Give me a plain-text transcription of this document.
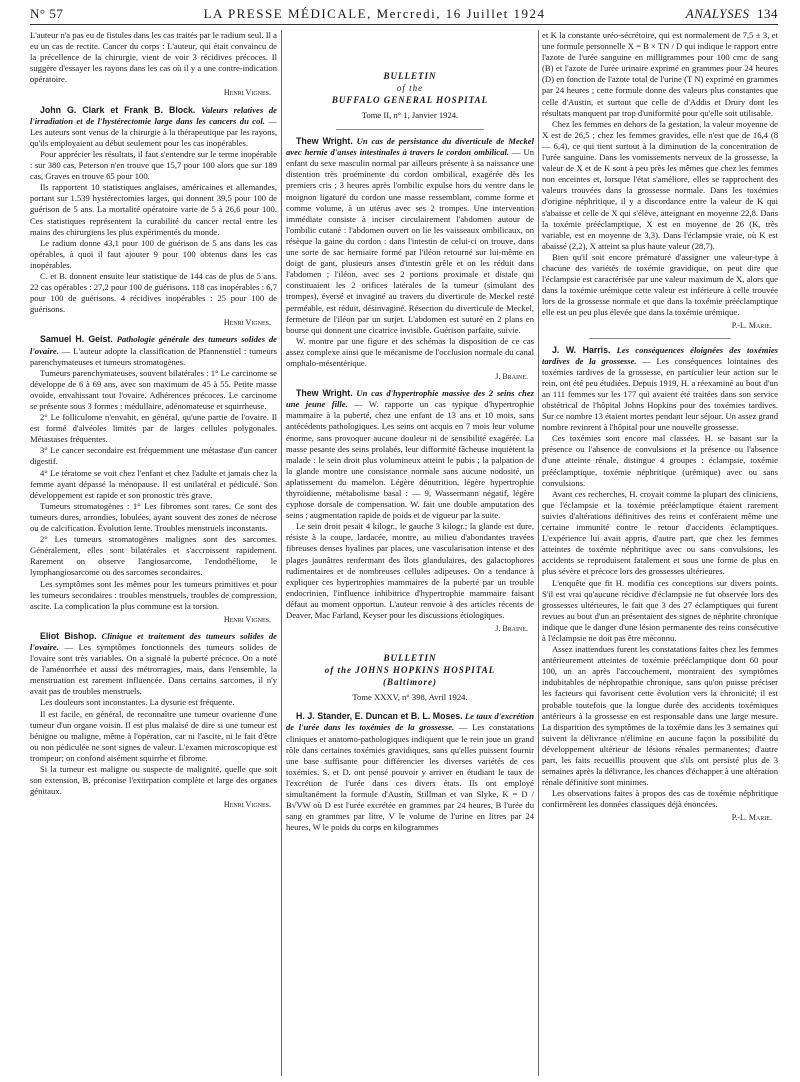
N° 57	LA PRESSE MÉDICALE, Mercredi, 16 Juillet 1924	ANALYSES 134

L'auteur n'a pas eu de fistules dans les cas traités par le radium seul. Il a eu un cas de rectite. Cancer du corps : L'auteur, qui était convaincu de la précellence de la chirurgie, vient de voir 3 récidives précoces. Il suggère d'essayer les rayons dans les cas où il y a une contre-indication opératoire.

Henri Vignes.

John G. Clark et Frank B. Block. Valeurs relatives de l'irradiation et de l'hystérectomie large dans les cancers du col. — Les auteurs sont venus de la chirurgie à la thérapeutique par les rayons, qu'ils employaient au début seulement pour les cas inopérables.

Pour apprécier les résultats, il faut s'entendre sur le terme inopérable : sur 380 cas, Peterson n'en trouve que 15,7 pour 100 alors que sur 189 cas, Graves en trouve 65 pour 100.

Ils rapportent 10 statistiques anglaises, américaines et allemandes, portant sur 1.539 hystérectomies larges, qui donnent 39,5 pour 100 de guérison de 5 ans. La mortalité opératoire varie de 5 à 26,6 pour 100. Ces statistiques représentent la curabilité du cancer rectal entre les mains des chirurgiens les plus expérimentés du monde.

Le radium donne 43,1 pour 100 de guérison de 5 ans dans les cas opérables, à quoi il faut ajouter 9 pour 100 obtenus dans les cas inopérables.

C. et B. donnent ensuite leur statistique de 144 cas de plus de 5 ans. 22 cas opérables : 27,2 pour 100 de guérisons. 118 cas inopérables : 6,7 pour 100 de guérisons. 4 récidives inopérables : 25 pour 100 de guérisons.

Henri Vignes.

Samuel H. Geist. Pathologie générale des tumeurs solides de l'ovaire. — L'auteur adopte la classification de Pfannenstiel : tumeurs parenchymateuses et tumeurs stromatogènes.

Tumeurs parenchymateuses, souvent bilatérales : 1° Le carcinome se développe de 6 à 69 ans, avec son maximum de 45 à 55. Petite masse ovoïde, envahissant tout l'ovaire. Adhérences précoces. Le carcinome se présente sous 3 formes : médullaire, adénomateuse et squirrheuse.

2° Le folliculome n'envahit, en général, qu'une partie de l'ovaire. Il est formé d'alvéoles limités par de larges cellules polygonales. Métastases fréquentes.

3° Le cancer secondaire est fréquemment une métastase d'un cancer digestif.

4° Le tératome se voit chez l'enfant et chez l'adulte et jamais chez la femme ayant dépassé la ménopause. Il est unilatéral et pédiculé. Son développement est rapide et son pronostic très grave.

Tumeurs stromatogènes : 1° Les fibromes sont rares. Ce sont des tumeurs dures, arrondies, lobulées, ayant souvent des zones de nécrose ou de calcification. Évolution lente. Troubles menstruels inconstants.

2° Les tumeurs stromatogènes malignes sont des sarcomes. Généralement, elles sont bilatérales et s'accroissent rapidement. Rarement on observe l'angiosarcome, l'endothéliome, le lymphangiosarcome ou des sarcomes secondaires.

Les symptômes sont les mêmes pour les tumeurs primitives et pour les tumeurs secondaires : troubles menstruels, troubles de compression, ascite. La complication la plus commune est la torsion.

Henri Vignes.

Eliot Bishop. Clinique et traitement des tumeurs solides de l'ovaire. — Les symptômes fonctionnels des tumeurs solides de l'ovaire sont très variables. On a signalé la puberté précoce. On a noté de l'aménorrhée et aussi des métrorragies, mais, dans l'ensemble, la menstruation est rarement influencée. Dans certains sarcomes, il n'y avait pas de troubles menstruels.

Les douleurs sont inconstantes. La dysurie est fréquente.

Il est facile, en général, de reconnaître une tumeur ovarienne d'une tumeur d'un organe voisin. Il est plus malaisé de dire si une tumeur est bénigne ou maligne, même à l'opération, car ni l'ascite, ni le fait d'être ou non pédiculée ne sont signes de valeur. L'examen microscopique est trompeur; on confond aisément squirrhe et fibrome.

Si la tumeur est maligne ou suspecte de malignité, quelle que soit son extension, B. préconise l'extirpation complète et large des organes génitaux.

Henri Vignes.

BULLETIN
of the
BUFFALO GENERAL HOSPITAL
Tome II, n° 1, Janvier 1924.

Thew Wright. Un cas de persistance du diverticule de Meckel avec hernie d'anses intestinales à travers le cordon ombilical. — Un enfant du sexe masculin normal par ailleurs présente à sa naissance une distention très proéminente du cordon ombilical, exagérée dès les premiers cris ; 3 heures après l'ombilic expulse hors du ventre dans le moignon ligaturé du cordon une masse ressemblant, comme forme et comme volume, à un utérus avec ses 2 trompes. Une intervention immédiate consiste à inciser circulairement l'abdomen autour de l'ombilic cutané : l'abdomen ouvert on lie les vaisseaux ombilicaux, on résèque la gaine du cordon : dans l'intestin de celui-ci on trouve, dans une sorte de sac herniaire formé par l'iléon retourné sur lui-même en doigt de gant, plusieurs anses d'intestin grêle et on les réduit dans l'abdomen ; l'iléon, avec ses 2 portions proximale et distale qui constituaient les 2 orifices latérales de la tumeur (simulant des trompes), éversé et invaginé au travers du diverticule de Meckel resté perméable, est réduit, désinvaginé. Résection du diverticule de Meckel, fermeture de l'iléon par un surjet. L'abdomen est suturé en 2 plans en bourse qui donnent une cicatrice invisible. Guérison parfaite, suivie.

W. montre par une figure et des schémas la disposition de ce cas assez complexe ainsi que le mécanisme de l'occlusion normale du canal omphalo-mésentérique.

J. Braine.

Thew Wright. Un cas d'hypertrophie massive des 2 seins chez une jeune fille. — W. rapporte un cas typique d'hypertrophie mammaire à la puberté, chez une enfant de 13 ans et 10 mois, sans antécédents pathologiques. Les seins ont acquis en 7 mois leur volume énorme, sans provoquer aucune douleur ni de sensibilité exagérée. La masse pesante des seins prolabés, leur difformité fâcheuse inquiètent la malade : le sein droit plus volumineux atteint le pubis ; la palpation de la glande montre une consistance normale sans aucune nodosité, un aplatissement du mamelon. Légère dénutrition, légère hypertrophie thyroïdienne, métabolisme basal : — 9, Wassermann négatif, légère cyphose dorsale de compensation. W. fait une double amputation des seins ; augmentation rapide de poids et de vigueur par la suite.

Le sein droit pesait 4 kilogr., le gauche 3 kilogr.; la glande est dure, résiste à la coupe, lardacée, montre, au milieu d'abondantes travées fibreuses denses hyalines par places, une vascularisation intense et des plages jaunâtres renfermant des îlots glandulaires, des galactophores rudimentaires et de nombreuses cellules adipeuses. On a tendance à expliquer ces hypertrophies mammaires de la puberté par un trouble endocrinien, l'influence inhibitrice d'hypertrophie mammaire faisant défaut au moment opportun. L'auteur renvoie à des articles récents de Deaver, Mac Farland, Keyser pour les discussions étiologiques.

J. Braine.

BULLETIN
of the JOHNS HOPKINS HOSPITAL
(Baltimore)
Tome XXXV, n° 398, Avril 1924.

H. J. Stander, E. Duncan et B. L. Moses. Le taux d'excrétion de l'urée dans les toxémies de la grossesse. — Les constatations cliniques et anatomo-pathologiques indiquent que le rein joue un grand rôle dans certaines toxémies gravidiques, sans qu'elles puissent fournir une base suffisante pour différencier les diverses variétés de ces toxémies. S. et D. ont pensé pouvoir y arriver en étudiant le taux de l'excrétion de l'urée dans ces divers états. Ils ont employé simultanément la formule d'Austin, Stillman et van Slyke, K = D / B√VW où D est l'urée excrétée en grammes par 24 heures, B l'urée du sang en grammes par litre, V le volume de l'urine en litres par 24 heures, W le poids du corps en kilogrammes

et K la constante uréo-sécrétoire, qui est normalement de 7,5 ± 3, et une formule personnelle X = B × TN / D qui indique le rapport entre l'azote de l'urée sanguine en milligrammes pour 100 cmc de sang (B) et l'azote de l'urée urinaire exprimé en grammes pour 24 heures (D) en fonction de l'azote total de l'urine (T N) exprimé en grammes par 24 heures ; cette formule donne des valeurs plus constantes que celle d'Austin, et surtout que celle de d'Addis et Drury dont les résultats manquent par trop d'uniformité pour qu'elle soit utilisable.

Chez les femmes en dehors de la gestation, la valeur moyenne de X est de 26,5 ; chez les femmes gravides, elle n'est que de 16,4 (8 — 6,4), ce qui tient surtout à la diminution de la concentration de l'urée sanguine. Dans les vomissements nerveux de la grossesse, la valeur de X et de K sont à peu près les mêmes que chez les femmes non enceintes et, lorsque l'état s'améliore, elles se rapprochent des valeurs trouvées dans la grossesse normale. Dans les toxémies d'origine néphritique, il y a discordance entre la valeur de K qui s'abaisse et celle de X qui s'élève, atteignant en moyenne 22,8. Dans la toxémie prééclamptique, X est en moyenne de 26 (K, très variable, est en moyenne de 3,3). Dans l'éclampsie vraie, où K est abaissé (2,2), X atteint sa plus haute valeur (28,7).

Bien qu'il soit encore prématuré d'assigner une valeur-type à chacune des variétés de toxémie gravidique, on peut dire que l'éclampsie est caractérisée par une valeur maximum de X, alors que dans la toxémie urémique cette valeur est inférieure à celle trouvée lors de la grossesse normale et que dans la toxémie prééclamptique elle est un peu plus élevée que dans la toxémie urémique.

P.-L. Marie.

J. W. Harris. Les conséquences éloignées des toxémies tardives de la grossesse. — Les conséquences lointaines des toxémies tardives de la grossesse, en particulier leur action sur le rein, ont été peu étudiées. Depuis 1919, H. a réexaminé au bout d'un an 111 femmes sur les 177 qui avaient été traitées dans son service obstétrical de l'hôpital Johns Hopkins pour des toxémies tardives. Sur ce nombre 13 étaient mortes pendant leur séjour. Un assez grand nombre revinrent à l'hôpital pour une nouvelle grossesse.

Ces toxémies sont encore mal classées. H. se basant sur la présence ou l'absence de convulsions et la présence ou l'absence d'une atteinte rénale, distingue 4 groupes : éclampsie, toxémie prééclamptique, toxémie néphritique (urémique) avec ou sans convulsions.

Avant ces recherches, H. croyait comme la plupart des cliniciens, que l'éclampsie et la toxémie prééclamptique étaient rarement suivies d'altérations définitives des reins et conféraient même une certaine immunité contre le retour d'accidents éclamptiques. L'expérience lui avait appris, d'autre part, que chez les femmes atteintes de toxémie néphritique avec ou sans convulsions, les accidents se reproduisent fatalement et sous une forme de plus en plus sévère et précoce lors des grossesses ultérieures.

L'enquête que fit H. modifia ces conceptions sur divers points. S'il est vrai qu'aucune récidive d'éclampsie ne fut observée lors des grossesses ultérieures, le fait que 3 des 27 éclamptiques qui furent revues au bout d'un an présentaient des signes de néphrite chronique indique que le danger d'une lésion permanente des reins consécutive à l'éclampsie ne doit pas être méconnu.

Assez inattendues furent les constatations faites chez les femmes antérieurement atteintes de toxémie prééclamptique dont 60 pour 100, un an après l'accouchement, montraient des symptômes indubitables de néphropathie chronique, sans qu'on puisse préciser les facteurs qui favorisent cette évolution vers la chronicité; il est probable toutefois que la longue durée des accidents toxémiques antérieurs à la grossesse en est responsable dans une large mesure. La disparition des symptômes de la toxémie dans les 3 semaines qui suivent la délivrance n'élimine en aucune façon la possibilité du développement ultérieur de lésions rénales permanentes; d'autre part, les faits recueillis prouvent que s'ils ont persisté plus de 3 semaines après la délivrance, les chances d'échapper à une altération rénale définitive sont minimes.

Les observations faites à propos des cas de toxémie néphritique confirmèrent les données classiques déjà énoncées.

P.-L. Marie.
